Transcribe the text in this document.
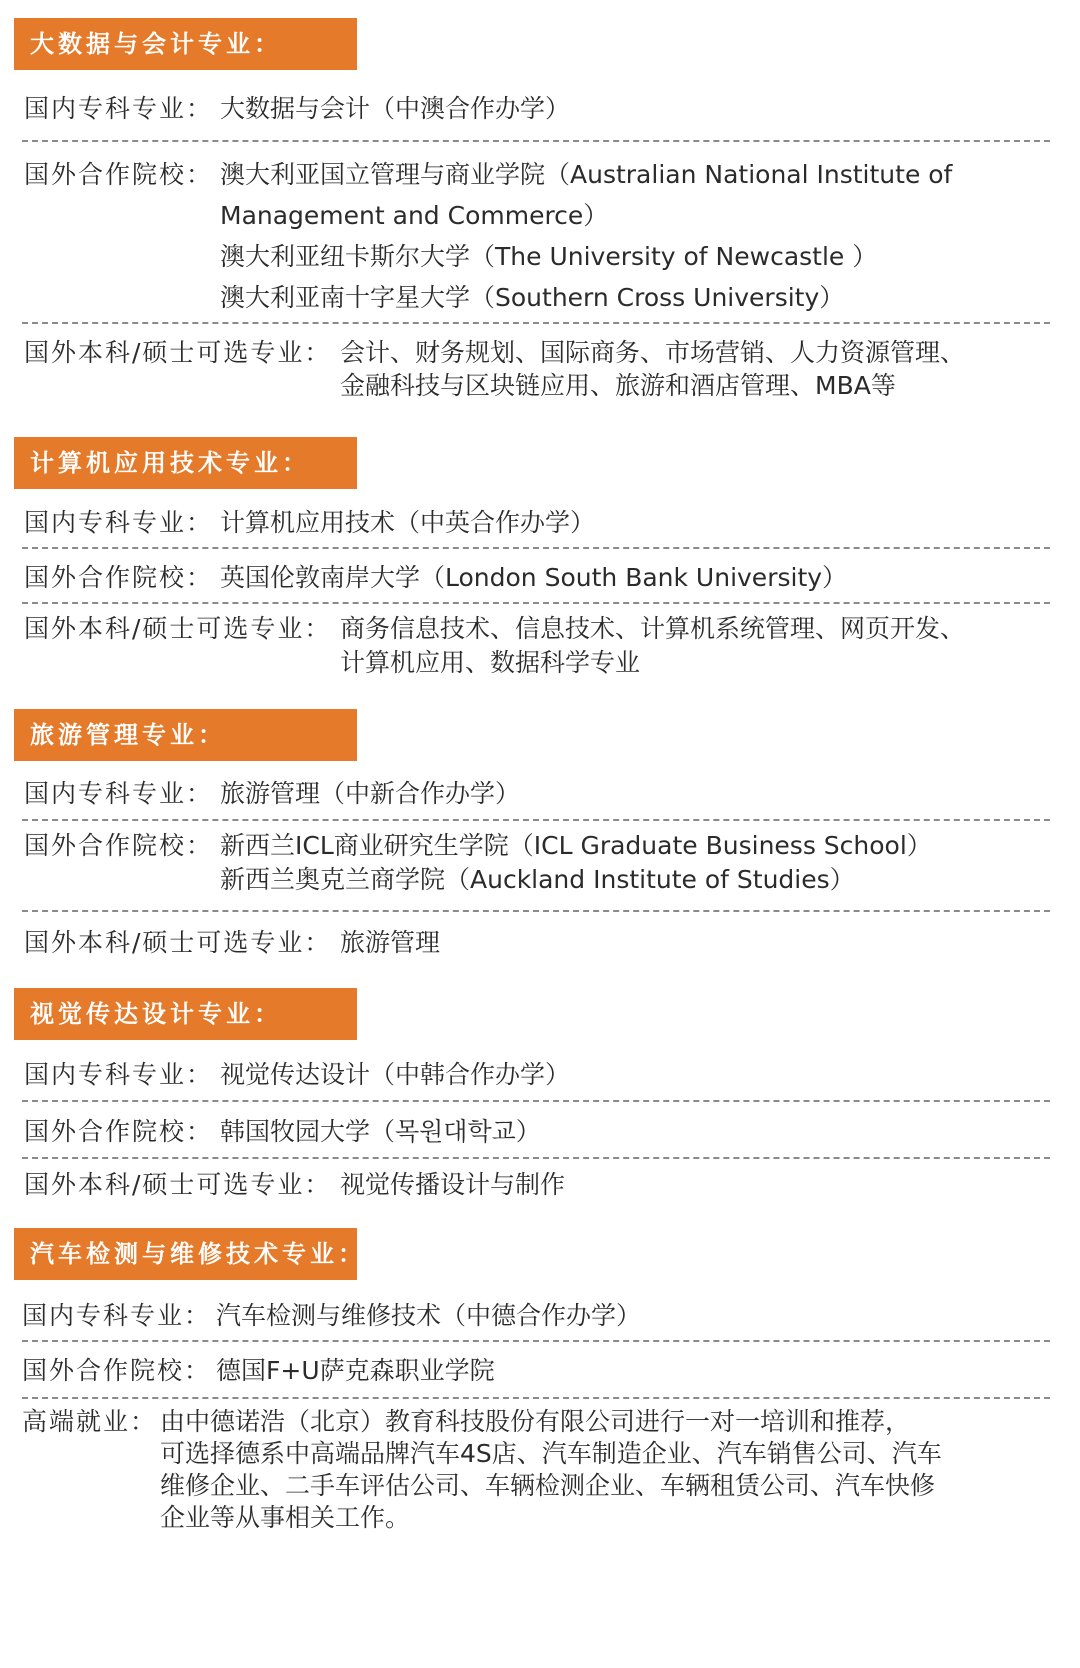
大数据与会计专业：
国内专科专业： 大数据与会计（中澳合作办学）
国外合作院校： 澳大利亚国立管理与商业学院（Australian National Institute of
Management and Commerce）
澳大利亚纽卡斯尔大学（The University of Newcastle ）
澳大利亚南十字星大学（Southern Cross University）
国外本科/硕士可选专业： 会计、财务规划、国际商务、市场营销、人力资源管理、
金融科技与区块链应用、旅游和酒店管理、MBA等
计算机应用技术专业：
国内专科专业： 计算机应用技术（中英合作办学）
国外合作院校： 英国伦敦南岸大学（London South Bank University）
国外本科/硕士可选专业： 商务信息技术、信息技术、计算机系统管理、网页开发、
计算机应用、数据科学专业
旅游管理专业：
国内专科专业： 旅游管理（中新合作办学）
国外合作院校： 新西兰ICL商业研究生学院（ICL Graduate Business School）
新西兰奥克兰商学院（Auckland Institute of Studies）
国外本科/硕士可选专业： 旅游管理
视觉传达设计专业：
国内专科专业： 视觉传达设计（中韩合作办学）
国外合作院校： 韩国牧园大学（목원대학교）
国外本科/硕士可选专业： 视觉传播设计与制作
汽车检测与维修技术专业：
国内专科专业： 汽车检测与维修技术（中德合作办学）
国外合作院校： 德国F+U萨克森职业学院
高端就业： 由中德诺浩（北京）教育科技股份有限公司进行一对一培训和推荐，
可选择德系中高端品牌汽车4S店、汽车制造企业、汽车销售公司、汽车
维修企业、二手车评估公司、车辆检测企业、车辆租赁公司、汽车快修
企业等从事相关工作。
